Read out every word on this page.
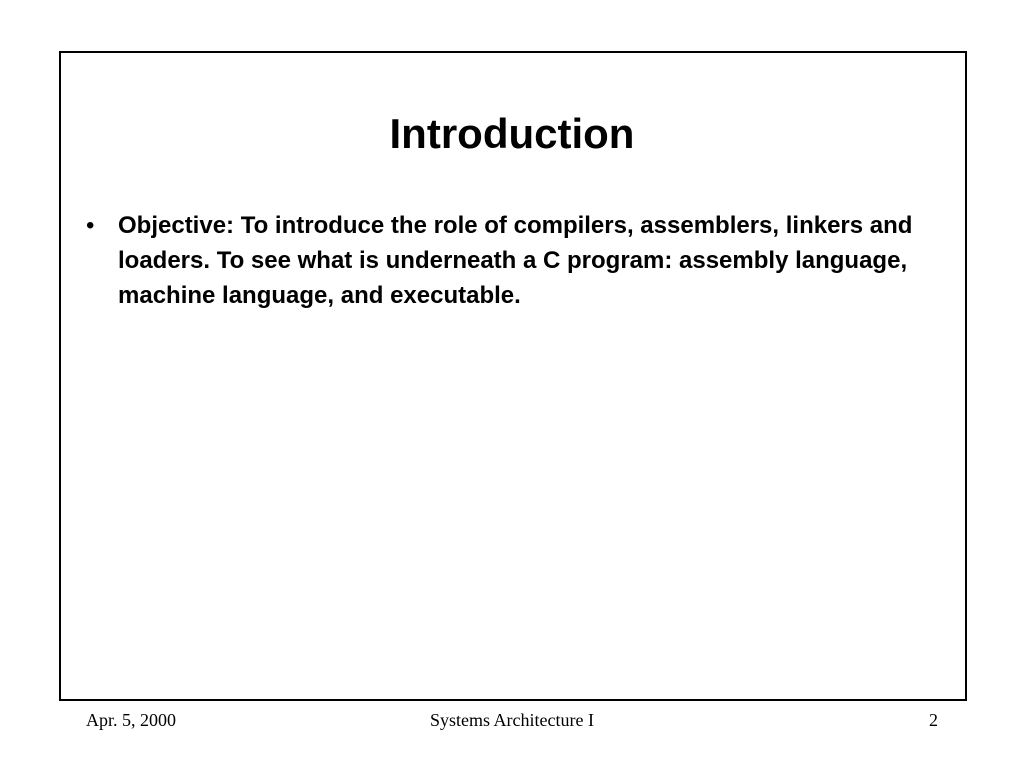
Introduction
• Objective: To introduce the role of compilers, assemblers, linkers and loaders. To see what is underneath a C program: assembly language, machine language, and executable.
Systems Architecture I
Apr. 5, 2000	2
